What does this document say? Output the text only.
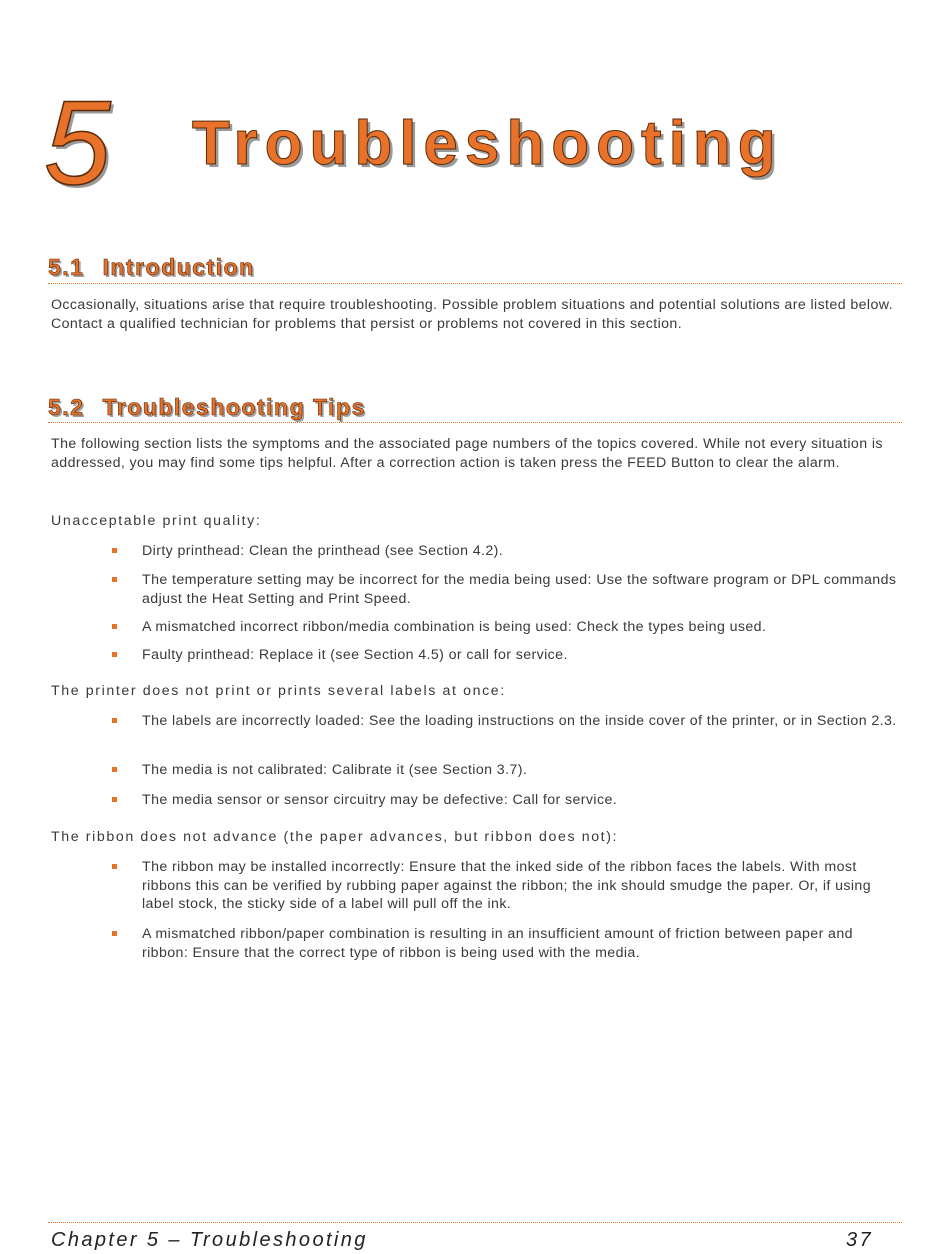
5 Troubleshooting
5.1 Introduction

Occasionally, situations arise that require troubleshooting. Possible problem situations and potential solutions are listed below. Contact a qualified technician for problems that persist or problems not covered in this section.

5.2 Troubleshooting Tips

The following section lists the symptoms and the associated page numbers of the topics covered. While not every situation is addressed, you may find some tips helpful. After a correction action is taken press the FEED Button to clear the alarm.

Unacceptable print quality:
Dirty printhead: Clean the printhead (see Section 4.2).
The temperature setting may be incorrect for the media being used: Use the software program or DPL commands adjust the Heat Setting and Print Speed.
A mismatched incorrect ribbon/media combination is being used: Check the types being used.
Faulty printhead: Replace it (see Section 4.5) or call for service.
The printer does not print or prints several labels at once:
The labels are incorrectly loaded: See the loading instructions on the inside cover of the printer, or in Section 2.3.
The media is not calibrated: Calibrate it (see Section 3.7).
The media sensor or sensor circuitry may be defective: Call for service.
The ribbon does not advance (the paper advances, but ribbon does not):
The ribbon may be installed incorrectly: Ensure that the inked side of the ribbon faces the labels. With most ribbons this can be verified by rubbing paper against the ribbon; the ink should smudge the paper. Or, if using label stock, the sticky side of a label will pull off the ink.
A mismatched ribbon/paper combination is resulting in an insufficient amount of friction between paper and ribbon: Ensure that the correct type of ribbon is being used with the media.
Chapter 5 – Troubleshooting	37
